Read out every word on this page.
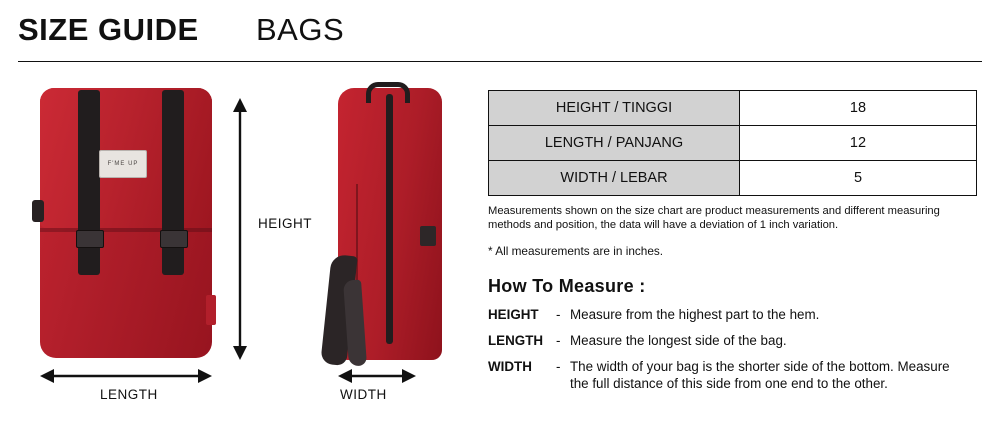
SIZE GUIDE BAGS
F'ME UP
HEIGHT
LENGTH	WIDTH
HEIGHT / TINGGI	18
LENGTH / PANJANG	12
WIDTH / LEBAR	5
Measurements shown on the size chart are product measurements and different measuring methods and position, the data will have a deviation of 1 inch variation.
* All measurements are in inches.
How To Measure :
HEIGHT	- Measure from the highest part to the hem.
LENGTH - Measure the longest side of the bag.
WIDTH	- The width of your bag is the shorter side of the bottom. Measure the full distance of this side from one end to the other.
